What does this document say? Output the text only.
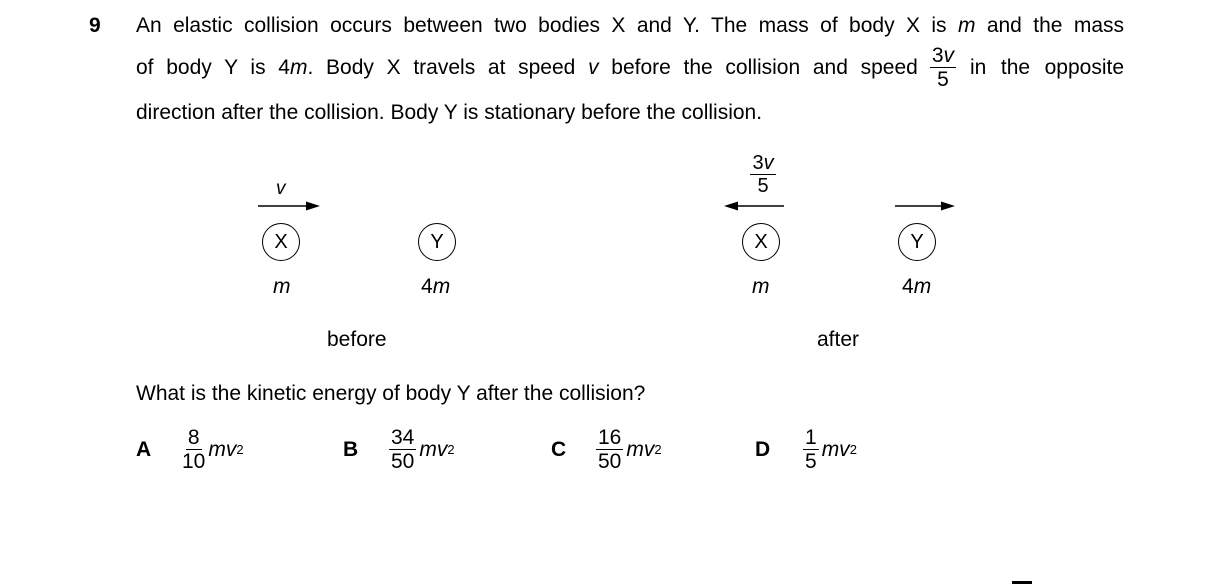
9 An elastic collision occurs between two bodies X and Y. The mass of body X is m and the mass
of body Y is 4m. Body X travels at speed v before the collision and speed $\frac{3v}{5}$ in the opposite
direction after the collision. Body Y is stationary before the collision.
v
X
m
Y
4m
before
$\frac{3v}{5}$
X
m
Y
4m
after
What is the kinetic energy of body Y after the collision?
A $\frac{8}{10}$ mv 2	B $\frac{34}{50}$ mv 2	C $\frac{16}{50}$ mv 2	D $\frac{1}{5}$ mv 2
